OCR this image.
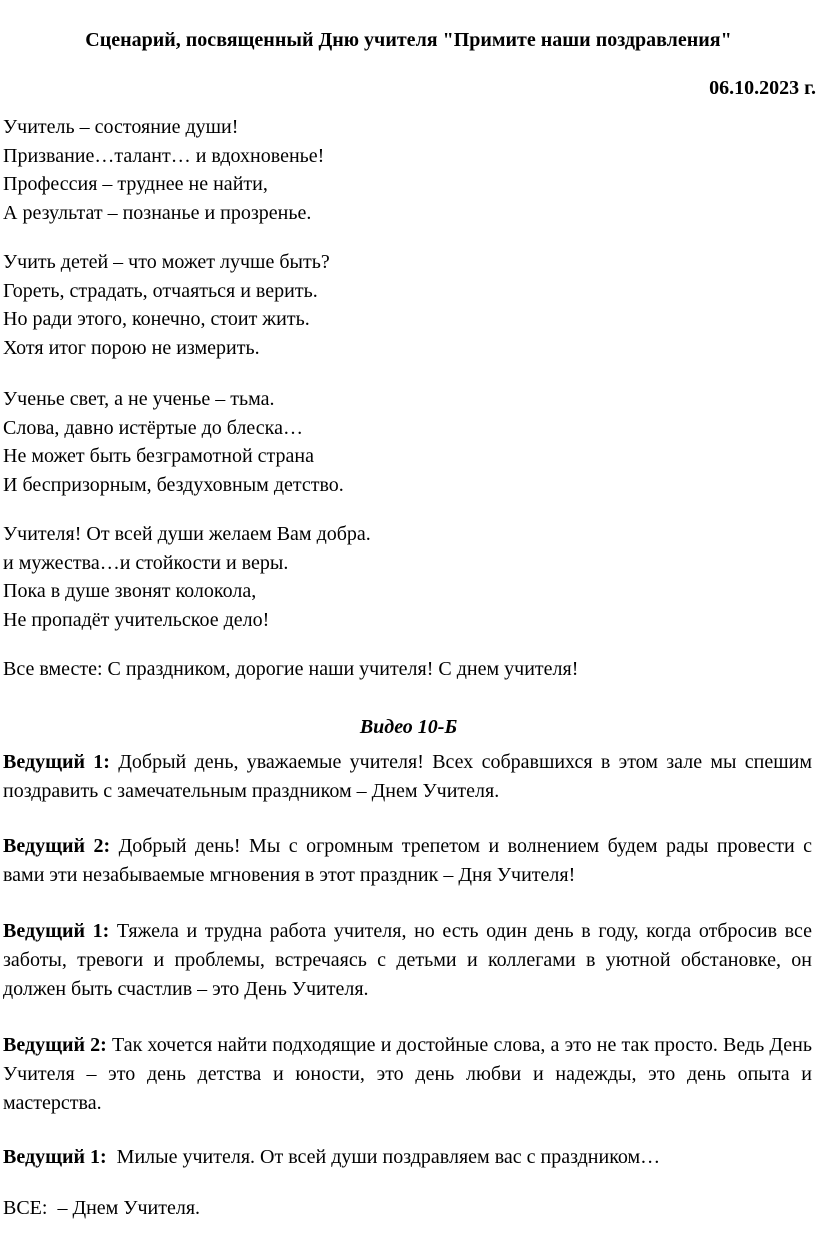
Сценарий, посвященный Дню учителя "Примите наши поздравления"
06.10.2023 г.
Учитель – состояние души!
Призвание…талант… и вдохновенье!
Профессия – труднее не найти,
А результат – познанье и прозренье.
Учить детей – что может лучше быть?
Гореть, страдать, отчаяться и верить.
Но ради этого, конечно, стоит жить.
Хотя итог порою не измерить.
Ученье свет, а не ученье – тьма.
Слова, давно истёртые до блеска…
Не может быть безграмотной страна
И беспризорным, бездуховным детство.
Учителя! От всей души желаем Вам добра.
и мужества…и стойкости и веры.
Пока в душе звонят колокола,
Не пропадёт учительское дело!
Все вместе: С праздником, дорогие наши учителя! С днем учителя!
Видео 10-Б

Ведущий 1: Добрый день, уважаемые учителя! Всех собравшихся в этом зале мы спешим поздравить с замечательным праздником – Днем Учителя.

Ведущий 2: Добрый день! Мы с огромным трепетом и волнением будем рады провести с вами эти незабываемые мгновения в этот праздник – Дня Учителя!

Ведущий 1: Тяжела и трудна работа учителя, но есть один день в году, когда отбросив все заботы, тревоги и проблемы, встречаясь с детьми и коллегами в уютной обстановке, он должен быть счастлив – это День Учителя.

Ведущий 2: Так хочется найти подходящие и достойные слова, а это не так просто. Ведь День Учителя – это день детства и юности, это день любви и надежды, это день опыта и мастерства.

Ведущий 1:  Милые учителя. От всей души поздравляем вас с праздником…

ВСЕ:  – Днем Учителя.
